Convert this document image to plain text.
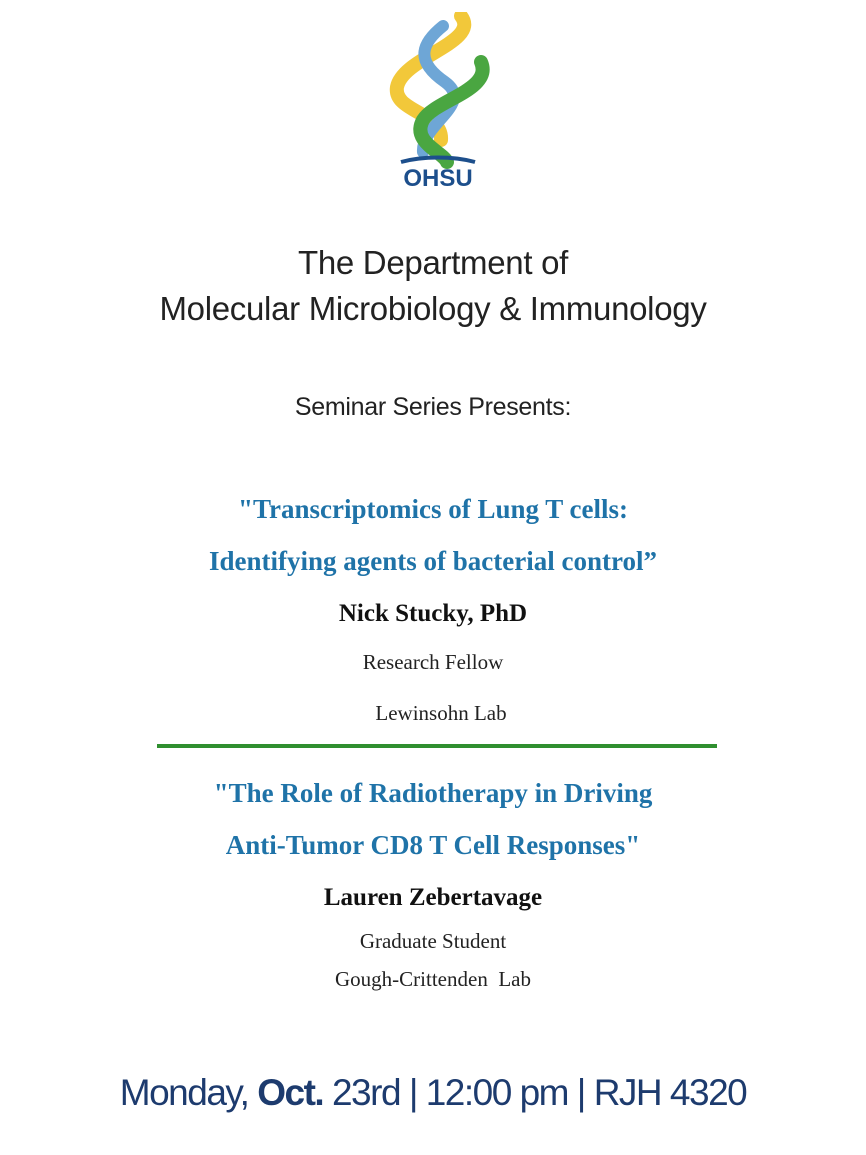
OHSU
The Department of
Molecular Microbiology & Immunology
Seminar Series Presents:
"Transcriptomics of Lung T cells:
Identifying agents of bacterial control”
Nick Stucky, PhD
Research Fellow
Lewinsohn Lab
"The Role of Radiotherapy in Driving
Anti-Tumor CD8 T Cell Responses"
Lauren Zebertavage
Graduate Student
Gough-Crittenden  Lab
Monday, Oct. 23rd | 12:00 pm | RJH 4320
